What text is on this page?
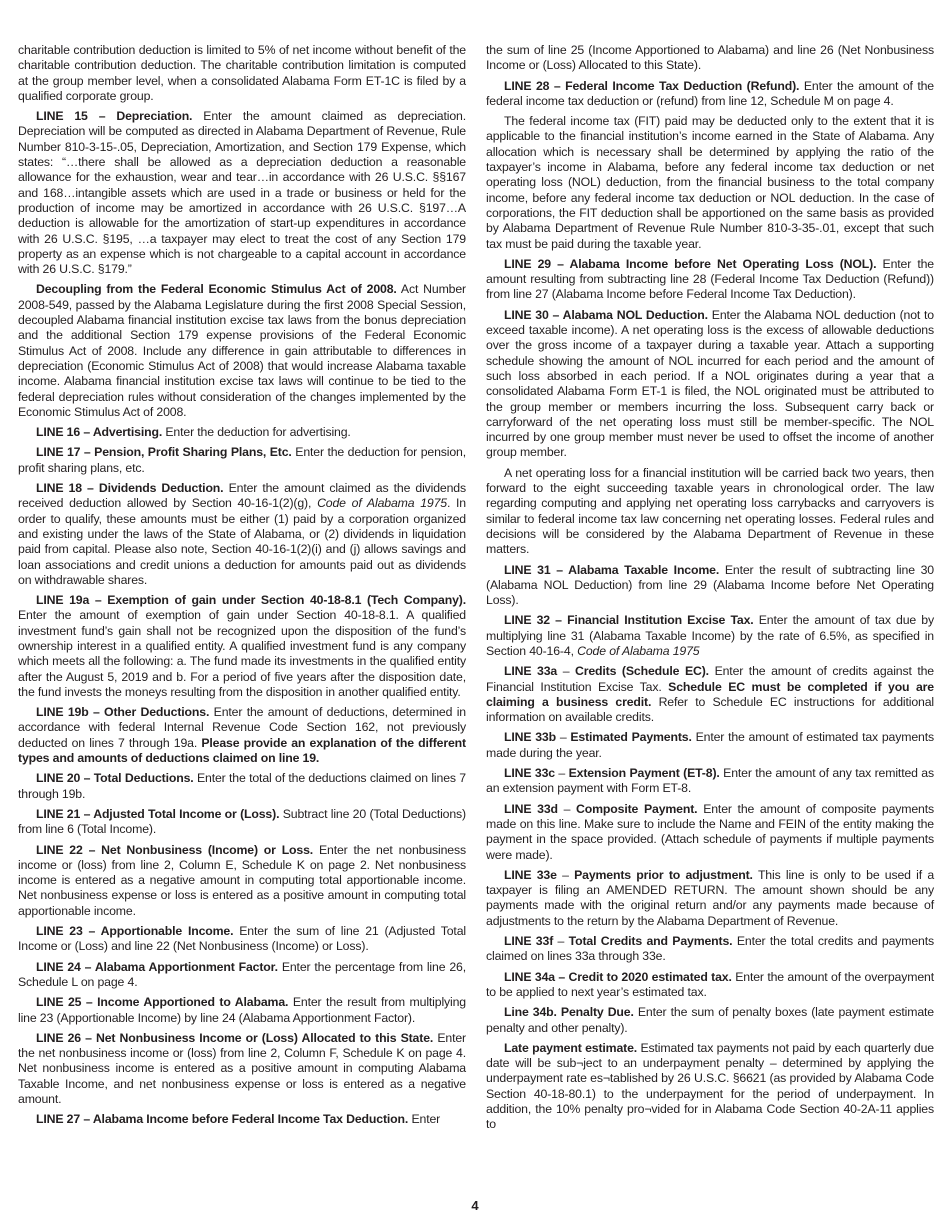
charitable contribution deduction is limited to 5% of net income without benefit of the charitable contribution deduction. The charitable contribution limitation is computed at the group member level, when a consolidated Alabama Form ET-1C is filed by a qualified corporate group.

LINE 15 – Depreciation. Enter the amount claimed as depreciation. Depreciation will be computed as directed in Alabama Department of Revenue, Rule Number 810-3-15-.05, Depreciation, Amortization, and Section 179 Expense, which states: “…there shall be allowed as a depreciation deduction a reasonable allowance for the exhaustion, wear and tear…in accordance with 26 U.S.C. §§167 and 168…intangible assets which are used in a trade or business or held for the production of income may be amortized in accordance with 26 U.S.C. §197…A deduction is allowable for the amortization of start-up expenditures in accordance with 26 U.S.C. §195, …a taxpayer may elect to treat the cost of any Section 179 property as an expense which is not chargeable to a capital account in accordance with 26 U.S.C. §179.”

Decoupling from the Federal Economic Stimulus Act of 2008. Act Number 2008-549, passed by the Alabama Legislature during the first 2008 Special Session, decoupled Alabama financial institution excise tax laws from the bonus depreciation and the additional Section 179 expense provisions of the Federal Economic Stimulus Act of 2008. Include any difference in gain attributable to differences in depreciation (Economic Stimulus Act of 2008) that would increase Alabama taxable income. Alabama financial institution excise tax laws will continue to be tied to the federal depreciation rules without consideration of the changes implemented by the Economic Stimulus Act of 2008.

LINE 16 – Advertising. Enter the deduction for advertising.

LINE 17 – Pension, Profit Sharing Plans, Etc. Enter the deduction for pension, profit sharing plans, etc.

LINE 18 – Dividends Deduction. Enter the amount claimed as the dividends received deduction allowed by Section 40-16-1(2)(g), Code of Alabama 1975. In order to qualify, these amounts must be either (1) paid by a corporation organized and existing under the laws of the State of Alabama, or (2) dividends in liquidation paid from capital. Please also note, Section 40-16-1(2)(i) and (j) allows savings and loan associations and credit unions a deduction for amounts paid out as dividends on withdrawable shares.

LINE 19a – Exemption of gain under Section 40-18-8.1 (Tech Company). Enter the amount of exemption of gain under Section 40-18-8.1. A qualified investment fund’s gain shall not be recognized upon the disposition of the fund’s ownership interest in a qualified entity. A qualified investment fund is any company which meets all the following: a. The fund made its investments in the qualified entity after the August 5, 2019 and b. For a period of five years after the disposition date, the fund invests the moneys resulting from the disposition in another qualified entity.

LINE 19b – Other Deductions. Enter the amount of deductions, determined in accordance with federal Internal Revenue Code Section 162, not previously deducted on lines 7 through 19a. Please provide an explanation of the different types and amounts of deductions claimed on line 19.

LINE 20 – Total Deductions. Enter the total of the deductions claimed on lines 7 through 19b.

LINE 21 – Adjusted Total Income or (Loss). Subtract line 20 (Total Deductions) from line 6 (Total Income).

LINE 22 – Net Nonbusiness (Income) or Loss. Enter the net nonbusiness income or (loss) from line 2, Column E, Schedule K on page 2. Net nonbusiness income is entered as a negative amount in computing total apportionable income. Net nonbusiness expense or loss is entered as a positive amount in computing total apportionable income.

LINE 23 – Apportionable Income. Enter the sum of line 21 (Adjusted Total Income or (Loss) and line 22 (Net Nonbusiness (Income) or Loss).

LINE 24 – Alabama Apportionment Factor. Enter the percentage from line 26, Schedule L on page 4.

LINE 25 – Income Apportioned to Alabama. Enter the result from multiplying line 23 (Apportionable Income) by line 24 (Alabama Apportionment Factor).

LINE 26 – Net Nonbusiness Income or (Loss) Allocated to this State. Enter the net nonbusiness income or (loss) from line 2, Column F, Schedule K on page 4. Net nonbusiness income is entered as a positive amount in computing Alabama Taxable Income, and net nonbusiness expense or loss is entered as a negative amount.

LINE 27 – Alabama Income before Federal Income Tax Deduction. Enter

the sum of line 25 (Income Apportioned to Alabama) and line 26 (Net Nonbusiness Income or (Loss) Allocated to this State).

LINE 28 – Federal Income Tax Deduction (Refund). Enter the amount of the federal income tax deduction or (refund) from line 12, Schedule M on page 4.

The federal income tax (FIT) paid may be deducted only to the extent that it is applicable to the financial institution’s income earned in the State of Alabama. Any allocation which is necessary shall be determined by applying the ratio of the taxpayer’s income in Alabama, before any federal income tax deduction or net operating loss (NOL) deduction, from the financial business to the total company income, before any federal income tax deduction or NOL deduction. In the case of corporations, the FIT deduction shall be apportioned on the same basis as provided by Alabama Department of Revenue Rule Number 810-3-35-.01, except that such tax must be paid during the taxable year.

LINE 29 – Alabama Income before Net Operating Loss (NOL). Enter the amount resulting from subtracting line 28 (Federal Income Tax Deduction (Refund)) from line 27 (Alabama Income before Federal Income Tax Deduction).

LINE 30 – Alabama NOL Deduction. Enter the Alabama NOL deduction (not to exceed taxable income). A net operating loss is the excess of allowable deductions over the gross income of a taxpayer during a taxable year. Attach a supporting schedule showing the amount of NOL incurred for each period and the amount of such loss absorbed in each period. If a NOL originates during a year that a consolidated Alabama Form ET-1 is filed, the NOL originated must be attributed to the group member or members incurring the loss. Subsequent carry back or carryforward of the net operating loss must still be member-specific. The NOL incurred by one group member must never be used to offset the income of another group member.

A net operating loss for a financial institution will be carried back two years, then forward to the eight succeeding taxable years in chronological order. The law regarding computing and applying net operating loss carrybacks and carryovers is similar to federal income tax law concerning net operating losses. Federal rules and decisions will be considered by the Alabama Department of Revenue in these matters.

LINE 31 – Alabama Taxable Income. Enter the result of subtracting line 30 (Alabama NOL Deduction) from line 29 (Alabama Income before Net Operating Loss).

LINE 32 – Financial Institution Excise Tax. Enter the amount of tax due by multiplying line 31 (Alabama Taxable Income) by the rate of 6.5%, as specified in Section 40-16-4, Code of Alabama 1975

LINE 33a – Credits (Schedule EC). Enter the amount of credits against the Financial Institution Excise Tax. Schedule EC must be completed if you are claiming a business credit. Refer to Schedule EC instructions for additional information on available credits.

LINE 33b – Estimated Payments. Enter the amount of estimated tax payments made during the year.

LINE 33c – Extension Payment (ET-8). Enter the amount of any tax remitted as an extension payment with Form ET-8.

LINE 33d – Composite Payment. Enter the amount of composite payments made on this line. Make sure to include the Name and FEIN of the entity making the payment in the space provided. (Attach schedule of payments if multiple payments were made).

LINE 33e – Payments prior to adjustment. This line is only to be used if a taxpayer is filing an AMENDED RETURN. The amount shown should be any payments made with the original return and/or any payments made because of adjustments to the return by the Alabama Department of Revenue.

LINE 33f – Total Credits and Payments. Enter the total credits and payments claimed on lines 33a through 33e.

LINE 34a – Credit to 2020 estimated tax. Enter the amount of the overpayment to be applied to next year’s estimated tax.

Line 34b. Penalty Due. Enter the sum of penalty boxes (late payment estimate penalty and other penalty).

Late payment estimate. Estimated tax payments not paid by each quarterly due date will be sub¬ject to an underpayment penalty – determined by applying the underpayment rate es¬tablished by 26 U.S.C. §6621 (as provided by Alabama Code Section 40-18-80.1) to the underpayment for the period of underpayment. In addition, the 10% penalty pro¬vided for in Alabama Code Section 40-2A-11 applies to

4
